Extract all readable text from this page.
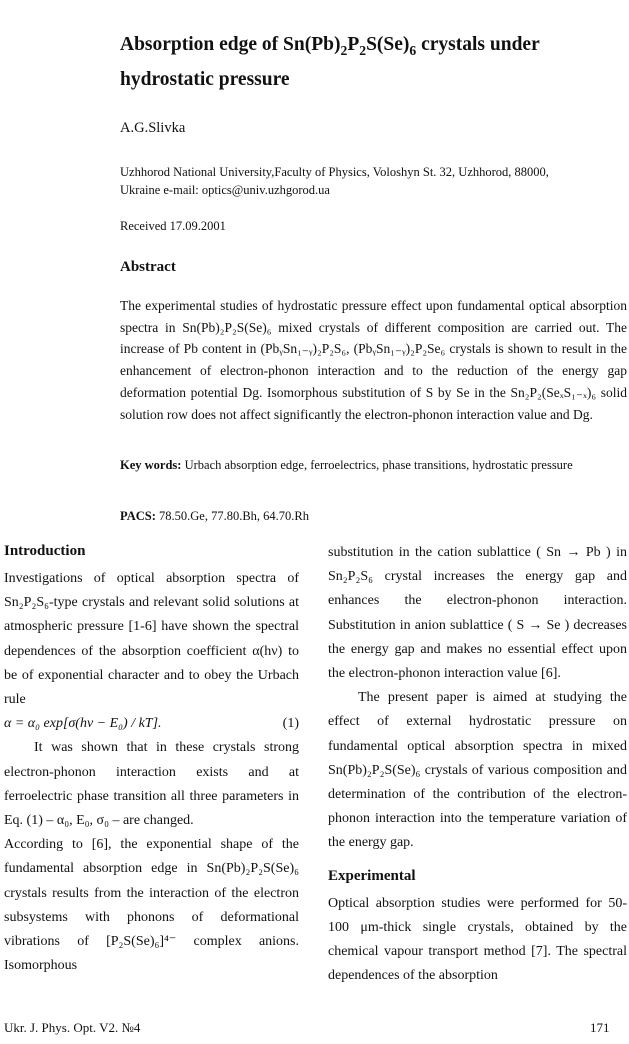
Absorption edge of $Sn(Pb)_2P_2S(Se)_6$ crystals under
hydrostatic pressure
A.G.Slivka
Uzhhorod National University,Faculty of Physics, Voloshyn St. 32, Uzhhorod, 88000,
Ukraine e-mail: optics@univ.uzhgorod.ua
Received 17.09.2001
Abstract
The experimental studies of hydrostatic pressure effect upon fundamental optical absorption spectra in Sn(Pb)₂P₂S(Se)₆ mixed crystals of different composition are carried out. The increase of Pb content in (PbᵧSn₁₋ᵧ)₂P₂S₆, (PbᵧSn₁₋ᵧ)₂P₂Se₆ crystals is shown to result in the enhancement of electron-phonon interaction and to the reduction of the energy gap deformation potential Dg. Isomorphous substitution of S by Se in the Sn₂P₂(SeₓS₁₋ₓ)₆ solid solution row does not affect significantly the electron-phonon interaction value and Dg.
Key words: Urbach absorption edge, ferroelectrics, phase transitions, hydrostatic pressure
PACS: 78.50.Ge, 77.80.Bh, 64.70.Rh

Introduction

Investigations of optical absorption spectra of Sn₂P₂S₆-type crystals and relevant solid solutions at atmospheric pressure [1-6] have shown the spectral dependences of the absorption coefficient α(hν) to be of exponential character and to obey the Urbach rule

α = α₀ exp[σ(hν − E₀) / kT].	(1)

It was shown that in these crystals strong electron-phonon interaction exists and at ferroelectric phase transition all three parameters in Eq. (1) – α₀, E₀, σ₀ – are changed.

According to [6], the exponential shape of the fundamental absorption edge in Sn(Pb)₂P₂S(Se)₆ crystals results from the interaction of the electron subsystems with phonons of deformational vibrations of [P₂S(Se)₆]⁴⁻ complex anions. Isomorphous

substitution in the cation sublattice ( Sn → Pb ) in Sn₂P₂S₆ crystal increases the energy gap and enhances the electron-phonon interaction. Substitution in anion sublattice ( S → Se ) decreases the energy gap and makes no essential effect upon the electron-phonon interaction value [6].

The present paper is aimed at studying the effect of external hydrostatic pressure on fundamental optical absorption spectra in mixed Sn(Pb)₂P₂S(Se)₆ crystals of various composition and determination of the contribution of the electron-phonon interaction into the temperature variation of the energy gap.

Experimental

Optical absorption studies were performed for 50-100 μm-thick single crystals, obtained by the chemical vapour transport method [7]. The spectral dependences of the absorption

Ukr. J. Phys. Opt. V2. №4	171
